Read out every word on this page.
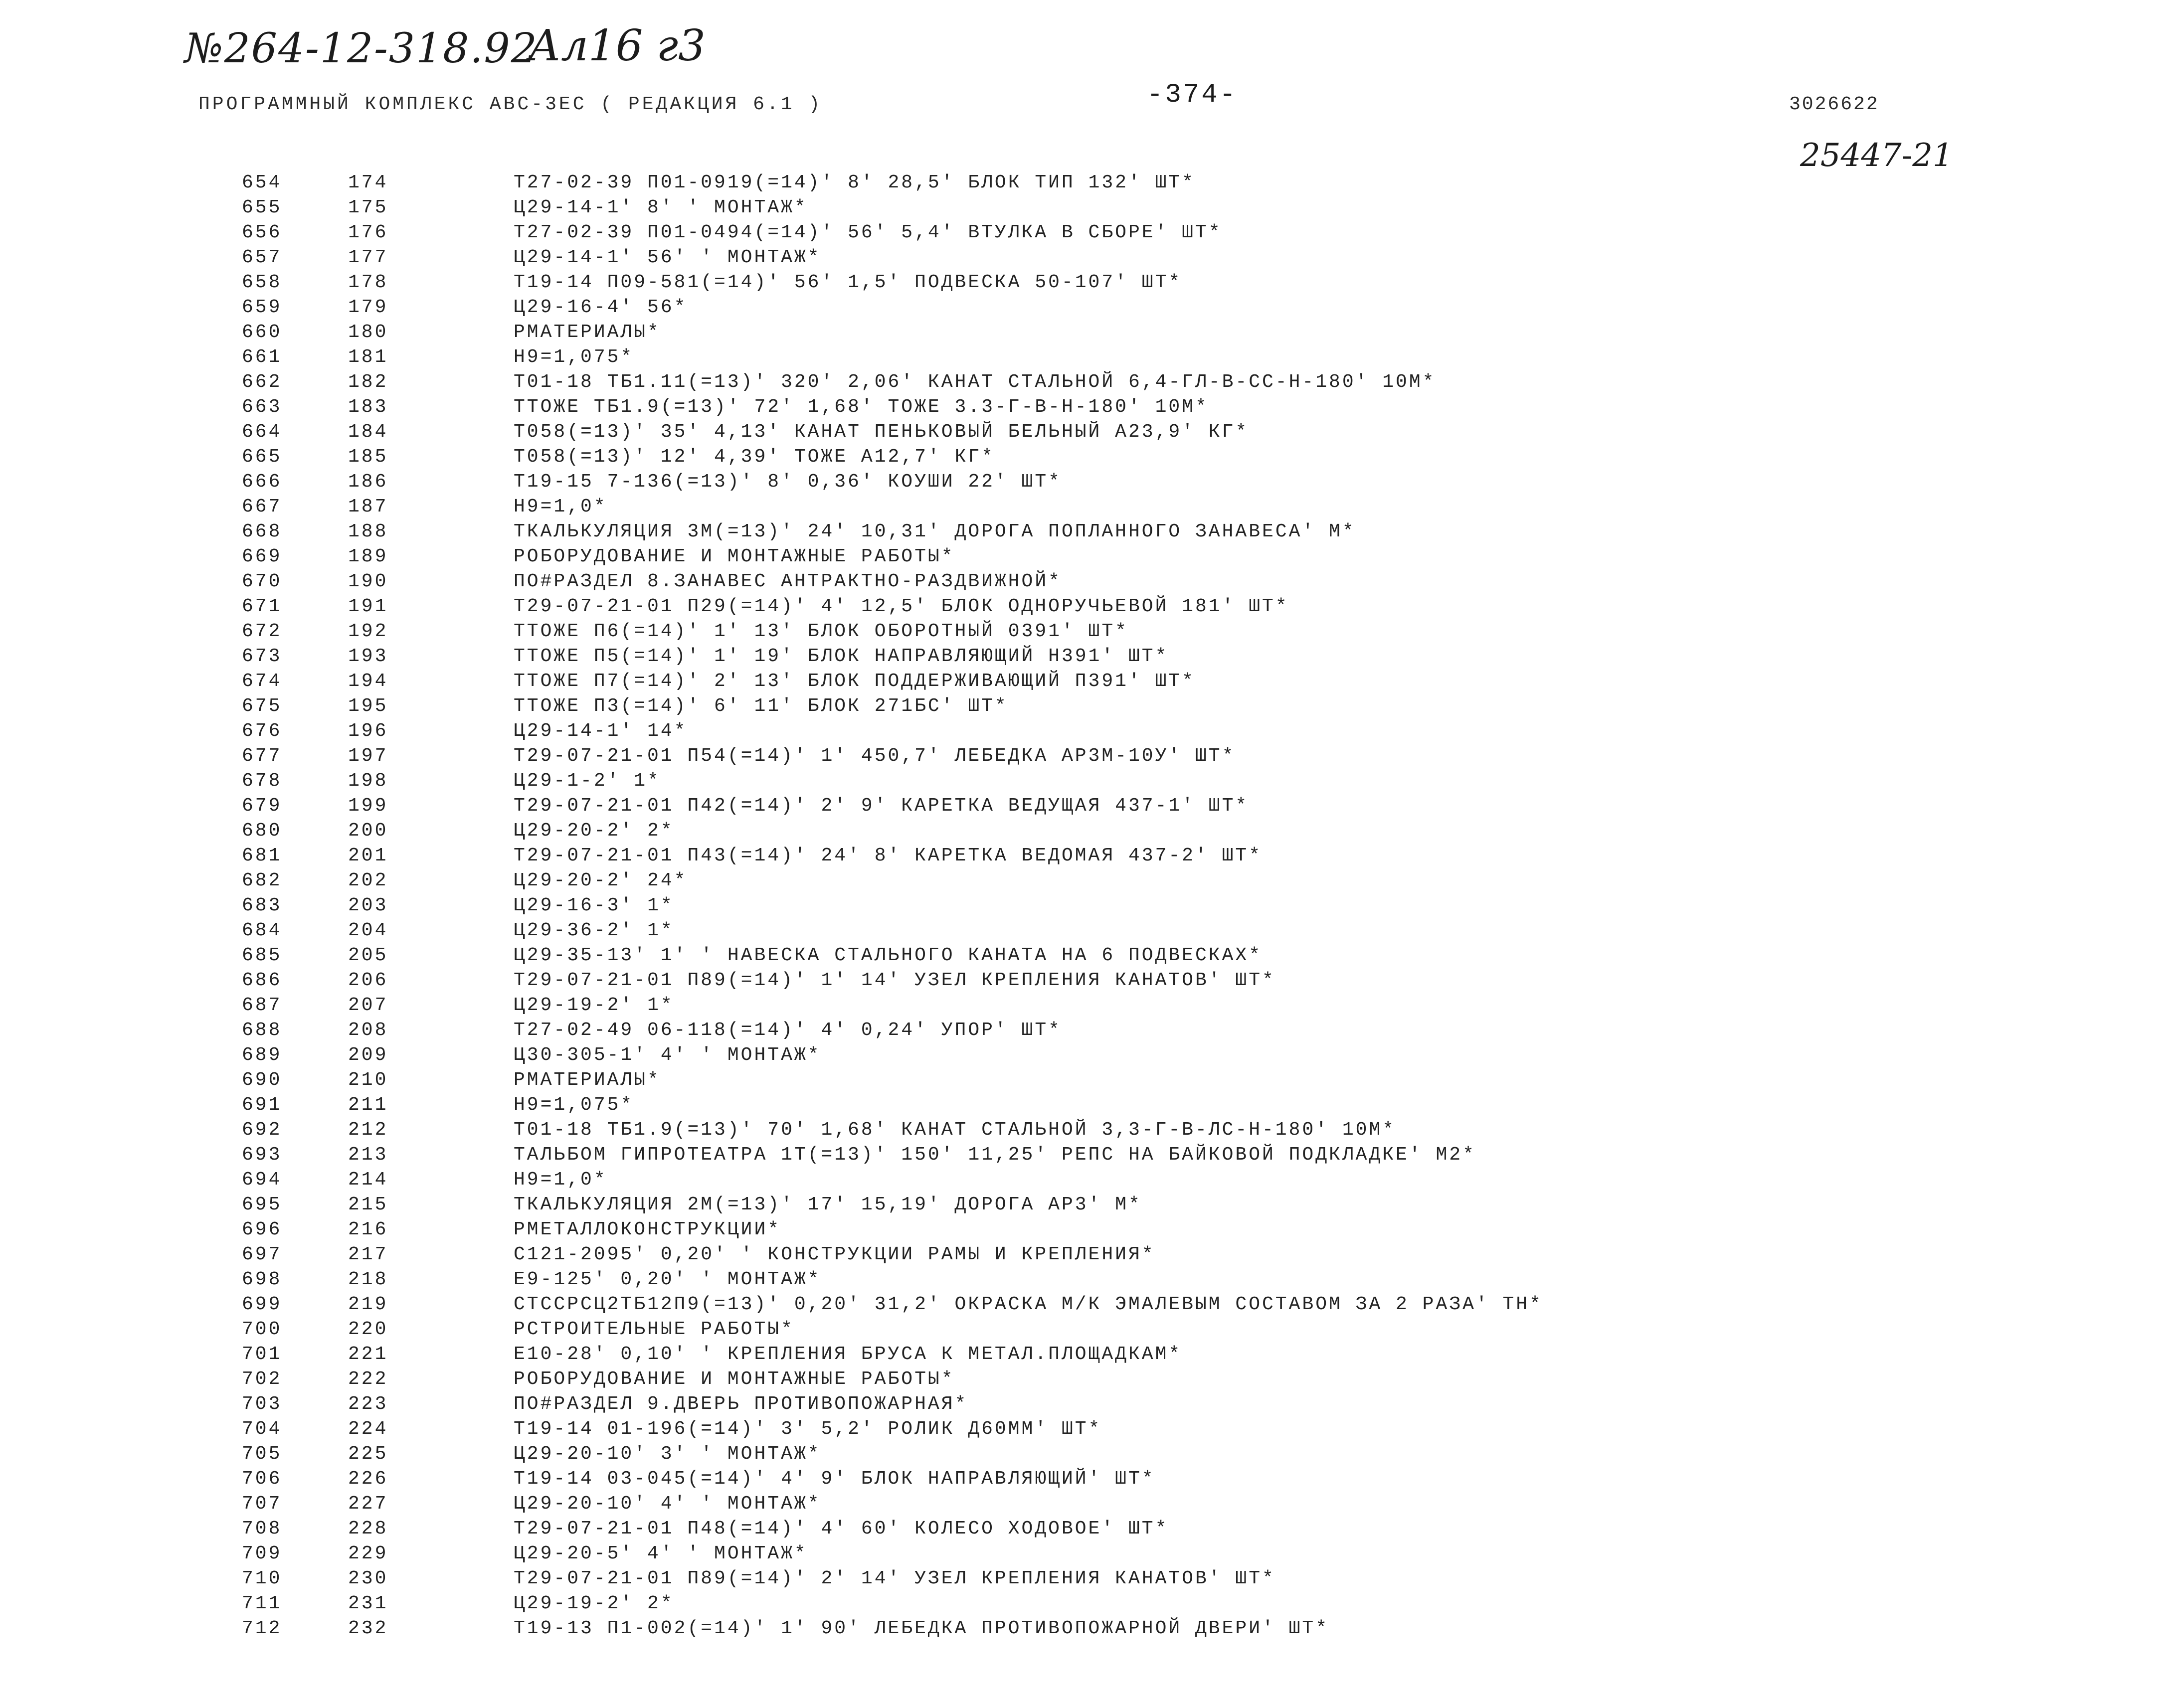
№264-12-318.92
Ал16 г3
-374-
25447-21
ПРОГРАММНЫЙ КОМПЛЕКС АВС-3ЕС ( РЕДАКЦИЯ 6.1 )	3026622
654	174	Т27-02-39 П01-0919(=14)' 8' 28,5' БЛОК ТИП 132' ШТ*
655	175	Ц29-14-1' 8' ' МОНТАЖ*
656	176	Т27-02-39 П01-0494(=14)' 56' 5,4' ВТУЛКА В СБОРЕ' ШТ*
657	177	Ц29-14-1' 56' ' МОНТАЖ*
658	178	Т19-14 П09-581(=14)' 56' 1,5' ПОДВЕСКА 50-107' ШТ*
659	179	Ц29-16-4' 56*
660	180	РМАТЕРИАЛЫ*
661	181	Н9=1,075*
662	182	Т01-18 ТБ1.11(=13)' 320' 2,06' КАНАТ СТАЛЬНОЙ 6,4-ГЛ-В-СС-Н-180' 10М*
663	183	ТТОЖЕ ТБ1.9(=13)' 72' 1,68' ТОЖЕ 3.3-Г-В-Н-180' 10М*
664	184	Т058(=13)' 35' 4,13' КАНАТ ПЕНЬКОВЫЙ БЕЛЬНЫЙ А23,9' КГ*
665	185	Т058(=13)' 12' 4,39' ТОЖЕ А12,7' КГ*
666	186	Т19-15 7-136(=13)' 8' 0,36' КОУШИ 22' ШТ*
667	187	Н9=1,0*
668	188	ТКАЛЬКУЛЯЦИЯ 3М(=13)' 24' 10,31' ДОРОГА ПОПЛАННОГО ЗАНАВЕСА' М*
669	189	РОБОРУДОВАНИЕ И МОНТАЖНЫЕ РАБОТЫ*
670	190	ПО#РАЗДЕЛ 8.ЗАНАВЕС АНТРАКТНО-РАЗДВИЖНОЙ*
671	191	Т29-07-21-01 П29(=14)' 4' 12,5' БЛОК ОДНОРУЧЬЕВОЙ 181' ШТ*
672	192	ТТОЖЕ П6(=14)' 1' 13' БЛОК ОБОРОТНЫЙ 0391' ШТ*
673	193	ТТОЖЕ П5(=14)' 1' 19' БЛОК НАПРАВЛЯЮЩИЙ Н391' ШТ*
674	194	ТТОЖЕ П7(=14)' 2' 13' БЛОК ПОДДЕРЖИВАЮЩИЙ П391' ШТ*
675	195	ТТОЖЕ П3(=14)' 6' 11' БЛОК 271БС' ШТ*
676	196	Ц29-14-1' 14*
677	197	Т29-07-21-01 П54(=14)' 1' 450,7' ЛЕБЕДКА АР3М-10У' ШТ*
678	198	Ц29-1-2' 1*
679	199	Т29-07-21-01 П42(=14)' 2' 9' КАРЕТКА ВЕДУЩАЯ 437-1' ШТ*
680	200	Ц29-20-2' 2*
681	201	Т29-07-21-01 П43(=14)' 24' 8' КАРЕТКА ВЕДОМАЯ 437-2' ШТ*
682	202	Ц29-20-2' 24*
683	203	Ц29-16-3' 1*
684	204	Ц29-36-2' 1*
685	205	Ц29-35-13' 1' ' НАВЕСКА СТАЛЬНОГО КАНАТА НА 6 ПОДВЕСКАХ*
686	206	Т29-07-21-01 П89(=14)' 1' 14' УЗЕЛ КРЕПЛЕНИЯ КАНАТОВ' ШТ*
687	207	Ц29-19-2' 1*
688	208	Т27-02-49 06-118(=14)' 4' 0,24' УПОР' ШТ*
689	209	Ц30-305-1' 4' ' МОНТАЖ*
690	210	РМАТЕРИАЛЫ*
691	211	Н9=1,075*
692	212	Т01-18 ТБ1.9(=13)' 70' 1,68' КАНАТ СТАЛЬНОЙ 3,3-Г-В-ЛС-Н-180' 10М*
693	213	ТАЛЬБОМ ГИПРОТЕАТРА 1Т(=13)' 150' 11,25' РЕПС НА БАЙКОВОЙ ПОДКЛАДКЕ' М2*
694	214	Н9=1,0*
695	215	ТКАЛЬКУЛЯЦИЯ 2М(=13)' 17' 15,19' ДОРОГА АР3' М*
696	216	РМЕТАЛЛОКОНСТРУКЦИИ*
697	217	С121-2095' 0,20' ' КОНСТРУКЦИИ РАМЫ И КРЕПЛЕНИЯ*
698	218	Е9-125' 0,20' ' МОНТАЖ*
699	219	СТССРСЦ2ТБ12П9(=13)' 0,20' 31,2' ОКРАСКА М/К ЭМАЛЕВЫМ СОСТАВОМ ЗА 2 РАЗА' ТН*
700	220	РСТРОИТЕЛЬНЫЕ РАБОТЫ*
701	221	Е10-28' 0,10' ' КРЕПЛЕНИЯ БРУСА К МЕТАЛ.ПЛОЩАДКАМ*
702	222	РОБОРУДОВАНИЕ И МОНТАЖНЫЕ РАБОТЫ*
703	223	ПО#РАЗДЕЛ 9.ДВЕРЬ ПРОТИВОПОЖАРНАЯ*
704	224	Т19-14 01-196(=14)' 3' 5,2' РОЛИК Д60ММ' ШТ*
705	225	Ц29-20-10' 3' ' МОНТАЖ*
706	226	Т19-14 03-045(=14)' 4' 9' БЛОК НАПРАВЛЯЮЩИЙ' ШТ*
707	227	Ц29-20-10' 4' ' МОНТАЖ*
708	228	Т29-07-21-01 П48(=14)' 4' 60' КОЛЕСО ХОДОВОЕ' ШТ*
709	229	Ц29-20-5' 4' ' МОНТАЖ*
710	230	Т29-07-21-01 П89(=14)' 2' 14' УЗЕЛ КРЕПЛЕНИЯ КАНАТОВ' ШТ*
711	231	Ц29-19-2' 2*
712	232	Т19-13 П1-002(=14)' 1' 90' ЛЕБЕДКА ПРОТИВОПОЖАРНОЙ ДВЕРИ' ШТ*
